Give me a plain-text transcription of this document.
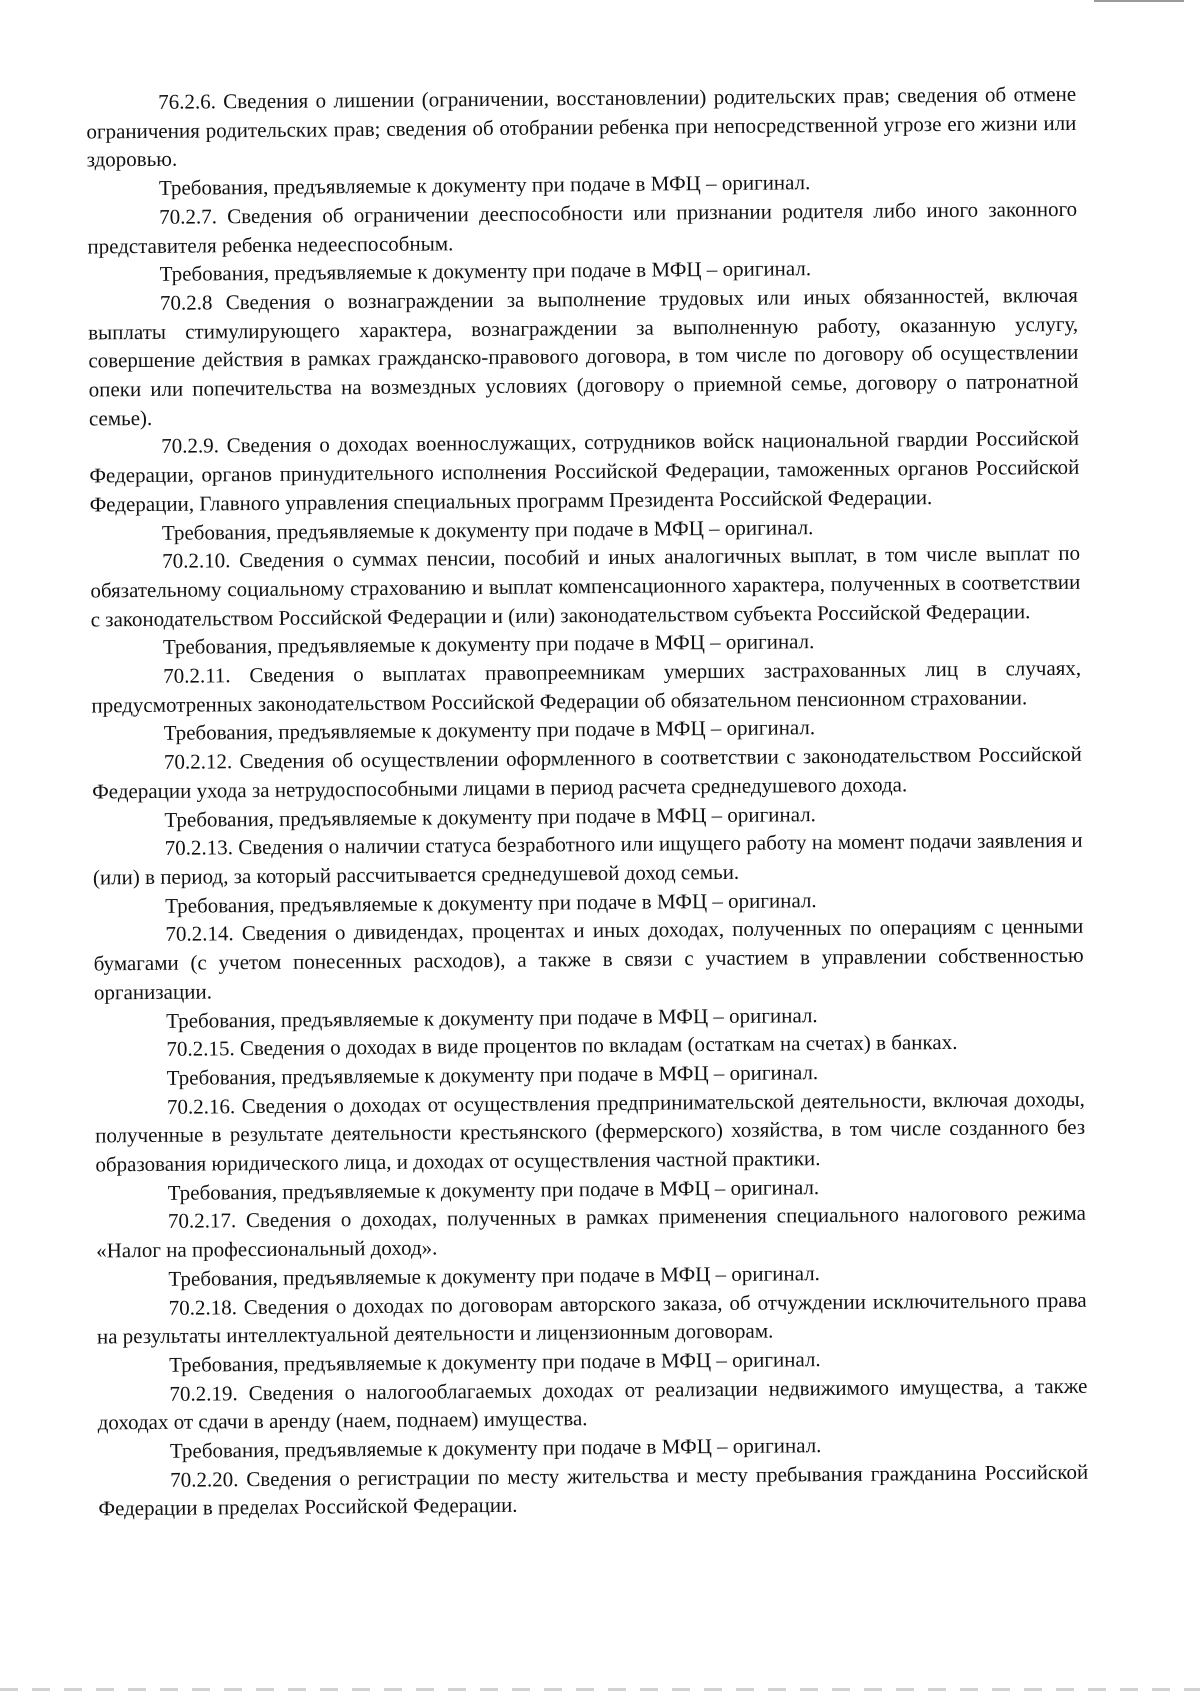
76.2.6. Сведения о лишении (ограничении, восстановлении) родительских прав; сведения об отмене ограничения родительских прав; сведения об отобрании ребенка при непосредственной угрозе его жизни или здоровью.

Требования, предъявляемые к документу при подаче в МФЦ – оригинал.

70.2.7. Сведения об ограничении дееспособности или признании родителя либо иного законного представителя ребенка недееспособным.

Требования, предъявляемые к документу при подаче в МФЦ – оригинал.

70.2.8 Сведения о вознаграждении за выполнение трудовых или иных обязанностей, включая выплаты стимулирующего характера, вознаграждении за выполненную работу, оказанную услугу, совершение действия в рамках гражданско-правового договора, в том числе по договору об осуществлении опеки или попечительства на возмездных условиях (договору о приемной семье, договору о патронатной семье).

70.2.9. Сведения о доходах военнослужащих, сотрудников войск национальной гвардии Российской Федерации, органов принудительного исполнения Российской Федерации, таможенных органов Российской Федерации, Главного управления специальных программ Президента Российской Федерации.

Требования, предъявляемые к документу при подаче в МФЦ – оригинал.

70.2.10. Сведения о суммах пенсии, пособий и иных аналогичных выплат, в том числе выплат по обязательному социальному страхованию и выплат компенсационного характера, полученных в соответствии с законодательством Российской Федерации и (или) законодательством субъекта Российской Федерации.

Требования, предъявляемые к документу при подаче в МФЦ – оригинал.

70.2.11. Сведения о выплатах правопреемникам умерших застрахованных лиц в случаях, предусмотренных законодательством Российской Федерации об обязательном пенсионном страховании.

Требования, предъявляемые к документу при подаче в МФЦ – оригинал.

70.2.12. Сведения об осуществлении оформленного в соответствии с законодательством Российской Федерации ухода за нетрудоспособными лицами в период расчета среднедушевого дохода.

Требования, предъявляемые к документу при подаче в МФЦ – оригинал.

70.2.13. Сведения о наличии статуса безработного или ищущего работу на момент подачи заявления и (или) в период, за который рассчитывается среднедушевой доход семьи.

Требования, предъявляемые к документу при подаче в МФЦ – оригинал.

70.2.14. Сведения о дивидендах, процентах и иных доходах, полученных по операциям с ценными бумагами (с учетом понесенных расходов), а также в связи с участием в управлении собственностью организации.

Требования, предъявляемые к документу при подаче в МФЦ – оригинал.

70.2.15. Сведения о доходах в виде процентов по вкладам (остаткам на счетах) в банках.

Требования, предъявляемые к документу при подаче в МФЦ – оригинал.

70.2.16. Сведения о доходах от осуществления предпринимательской деятельности, включая доходы, полученные в результате деятельности крестьянского (фермерского) хозяйства, в том числе созданного без образования юридического лица, и доходах от осуществления частной практики.

Требования, предъявляемые к документу при подаче в МФЦ – оригинал.

70.2.17. Сведения о доходах, полученных в рамках применения специального налогового режима «Налог на профессиональный доход».

Требования, предъявляемые к документу при подаче в МФЦ – оригинал.

70.2.18. Сведения о доходах по договорам авторского заказа, об отчуждении исключительного права на результаты интеллектуальной деятельности и лицензионным договорам.

Требования, предъявляемые к документу при подаче в МФЦ – оригинал.

70.2.19. Сведения о налогооблагаемых доходах от реализации недвижимого имущества, а также доходах от сдачи в аренду (наем, поднаем) имущества.

Требования, предъявляемые к документу при подаче в МФЦ – оригинал.

70.2.20. Сведения о регистрации по месту жительства и месту пребывания гражданина Российской Федерации в пределах Российской Федерации.
